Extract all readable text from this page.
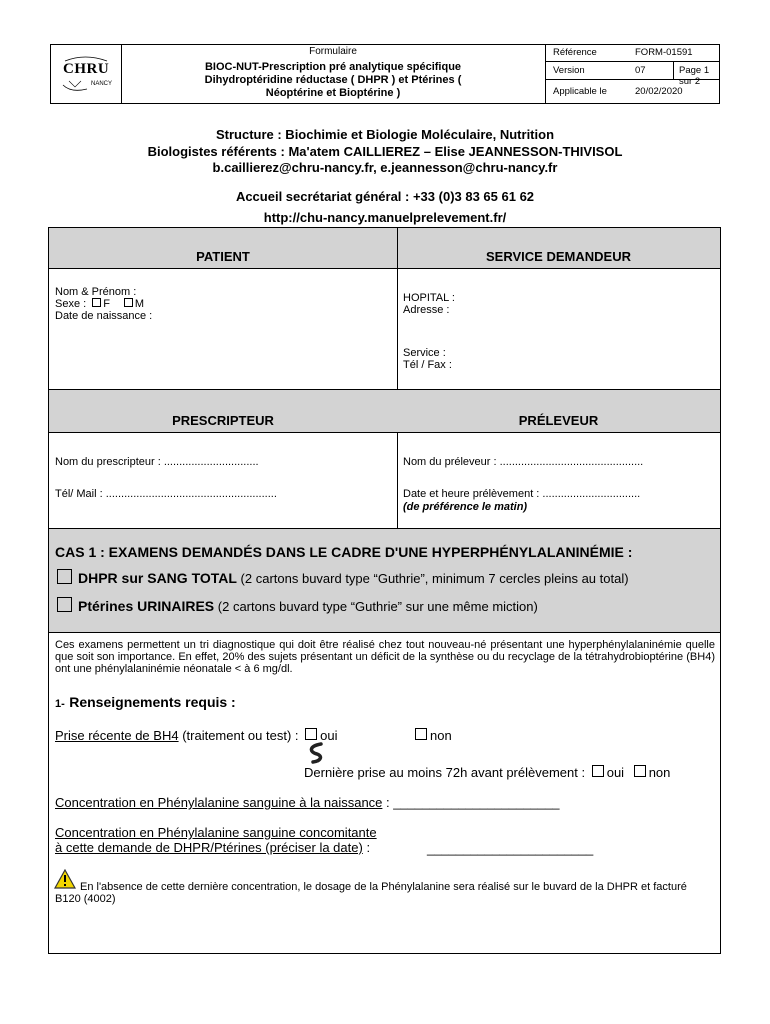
CHRU
NANCY
Formulaire
BIOC-NUT-Prescription pré analytique spécifique
Dihydroptéridine réductase ( DHPR ) et Ptérines (
Néoptérine et Bioptérine )
Référence	FORM-01591
Version	07	Page 1 sur 2
Applicable le	20/02/2020
Structure : Biochimie et Biologie Moléculaire, Nutrition
Biologistes référents : Ma'atem CAILLIEREZ – Elise JEANNESSON-THIVISOL
b.caillierez@chru-nancy.fr, e.jeannesson@chru-nancy.fr
Accueil secrétariat général : +33 (0)3 83 65 61 62
http://chu-nancy.manuelprelevement.fr/
PATIENT	SERVICE DEMANDEUR
Nom & Prénom :
Sexe : F M
Date de naissance :
HOPITAL :
Adresse :
Service :
Tél / Fax :
PRESCRIPTEUR	PRÉLEVEUR
Nom du prescripteur : ...............................
Tél/ Mail : ........................................................
Nom du préleveur : ...............................................
Date et heure prélèvement : ................................
(de préférence le matin)
CAS 1 : EXAMENS DEMANDÉS DANS LE CADRE D'UNE HYPERPHÉNYLALANINÉMIE :
DHPR sur SANG TOTAL (2 cartons buvard type “Guthrie”, minimum 7 cercles pleins au total)
Ptérines URINAIRES (2 cartons buvard type “Guthrie” sur une même miction)
Ces examens permettent un tri diagnostique qui doit être réalisé chez tout nouveau-né présentant une hyperphénylalaninémie quelle que soit son importance. En effet, 20% des sujets présentant un déficit de la synthèse ou du recyclage de la tétrahydrobioptérine (BH4) ont une phénylalaninémie néonatale < à 6 mg/dl.
1- Renseignements requis :
Prise récente de BH4 (traitement ou test) : oui	non
Dernière prise au moins 72h avant prélèvement : oui non
Concentration en Phénylalanine sanguine à la naissance : _______________________
Concentration en Phénylalanine sanguine concomitante
à cette demande de DHPR/Ptérines (préciser la date) :	_______________________
En l'absence de cette dernière concentration, le dosage de la Phénylalanine sera réalisé sur le buvard de la DHPR et facturé B120 (4002)
